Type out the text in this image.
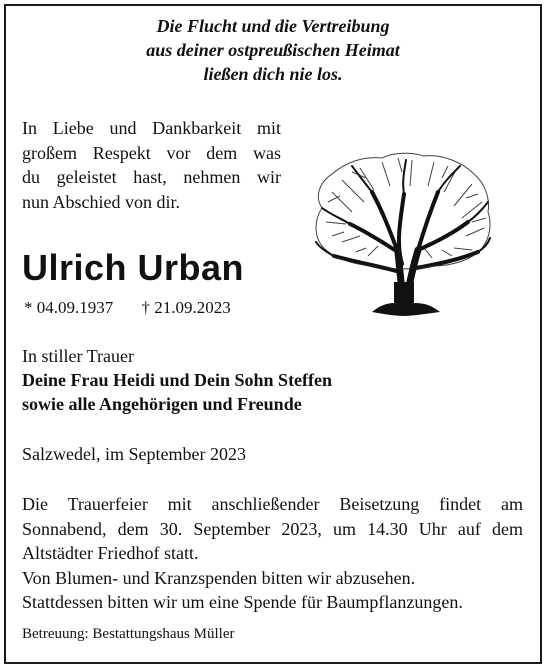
Die Flucht und die Vertreibung
aus deiner ostpreußischen Heimat
ließen dich nie los.
In Liebe und Dankbarkeit mit
großem Respekt vor dem was
du geleistet hast, nehmen wir
nun Abschied von dir.
Ulrich Urban
* 04.09.1937 † 21.09.2023
In stiller Trauer
Deine Frau Heidi und Dein Sohn Steffen
sowie alle Angehörigen und Freunde
Salzwedel, im September 2023
Die Trauerfeier mit anschließender Beisetzung findet am
Sonnabend, dem 30. September 2023, um 14.30 Uhr auf dem
Altstädter Friedhof statt.
Von Blumen- und Kranzspenden bitten wir abzusehen.
Stattdessen bitten wir um eine Spende für Baumpflanzungen.
Betreuung: Bestattungshaus Müller
